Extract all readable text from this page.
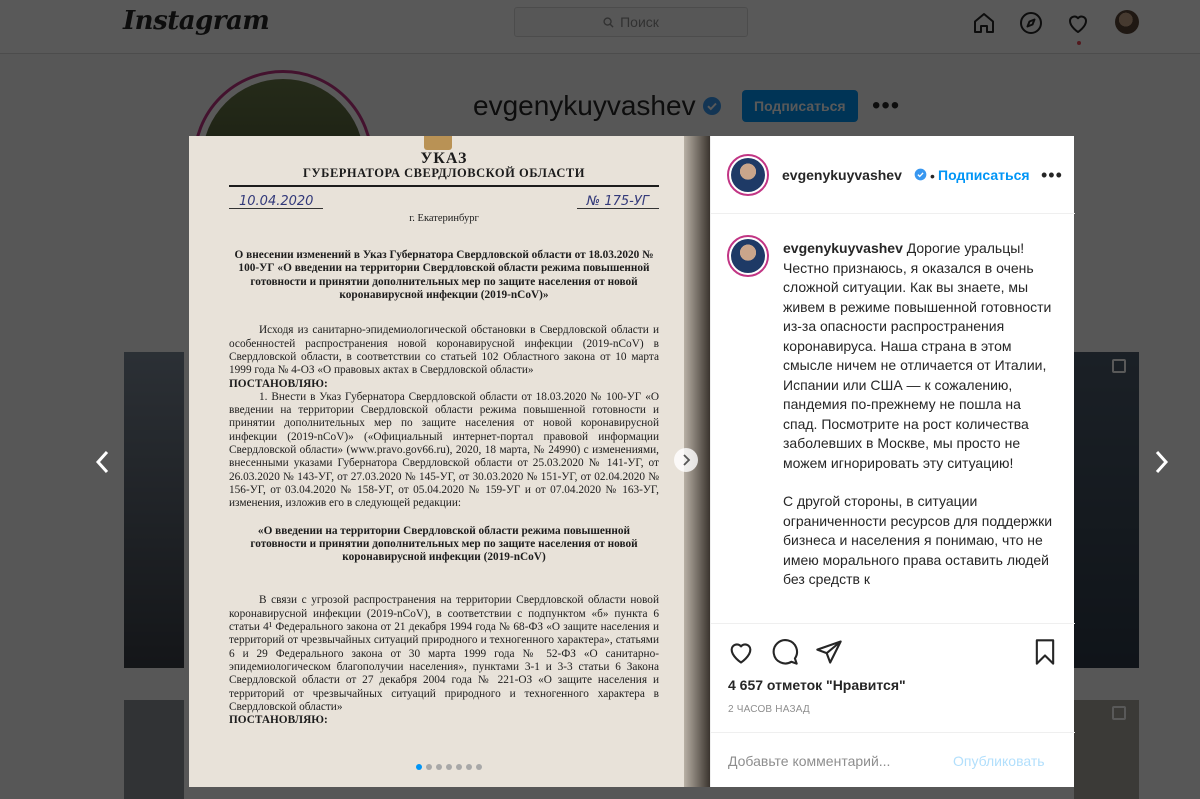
УКАЗ
ГУБЕРНАТОРА СВЕРДЛОВСКОЙ ОБЛАСТИ
10.04.2020	№ 175-УГ
г. Екатеринбург
О внесении изменений в Указ Губернатора Свердловской области от 18.03.2020 № 100-УГ «О введении на территории Свердловской области режима повышенной готовности и принятии дополнительных мер по защите населения от новой коронавирусной инфекции (2019-nCoV)»
Исходя из санитарно-эпидемиологической обстановки в Свердловской области и особенностей распространения новой коронавирусной инфекции (2019-nCoV) в Свердловской области, в соответствии со статьей 102 Областного закона от 10 марта 1999 года № 4-ОЗ «О правовых актах в Свердловской области»
ПОСТАНОВЛЯЮ:
1. Внести в Указ Губернатора Свердловской области от 18.03.2020 № 100-УГ «О введении на территории Свердловской области режима повышенной готовности и принятии дополнительных мер по защите населения от новой коронавирусной инфекции (2019-nCoV)» («Официальный интернет-портал правовой информации Свердловской области» (www.pravo.gov66.ru), 2020, 18 марта, № 24990) с изменениями, внесенными указами Губернатора Свердловской области от 25.03.2020 № 141-УГ, от 26.03.2020 № 143-УГ, от 27.03.2020 № 145-УГ, от 30.03.2020 № 151-УГ, от 02.04.2020 № 156-УГ, от 03.04.2020 № 158-УГ, от 05.04.2020 № 159-УГ и от 07.04.2020 № 163-УГ, изменения, изложив его в следующей редакции:
«О введении на территории Свердловской области режима повышенной готовности и принятии дополнительных мер по защите населения от новой коронавирусной инфекции (2019-nCoV)
В связи с угрозой распространения на территории Свердловской области новой коронавирусной инфекции (2019-nCoV), в соответствии с подпунктом «б» пункта 6 статьи 4¹ Федерального закона от 21 декабря 1994 года № 68-ФЗ «О защите населения и территорий от чрезвычайных ситуаций природного и техногенного характера», статьями 6 и 29 Федерального закона от 30 марта 1999 года № 52-ФЗ «О санитарно-эпидемиологическом благополучии населения», пунктами 3-1 и 3-3 статьи 6 Закона Свердловской области от 27 декабря 2004 года № 221-ОЗ «О защите населения и территорий от чрезвычайных ситуаций природного и техногенного характера в Свердловской области»
ПОСТАНОВЛЯЮ:
evgenykuyvashev • Подписаться •••

evgenykuyvashev Дорогие уральцы! Честно признаюсь, я оказался в очень сложной ситуации. Как вы знаете, мы живем в режиме повышенной готовности из-за опасности распространения коронавируса. Наша страна в этом смысле ничем не отличается от Италии, Испании или США — к сожалению, пандемия по-прежнему не пошла на спад. Посмотрите на рост количества заболевших в Москве, мы просто не можем игнорировать эту ситуацию!

С другой стороны, в ситуации ограниченности ресурсов для поддержки бизнеса и населения я понимаю, что не имею морального права оставить людей без средств к

4 657 отметок "Нравится"
2 ЧАСОВ НАЗАД
Добавьте комментарий...
Опубликовать
